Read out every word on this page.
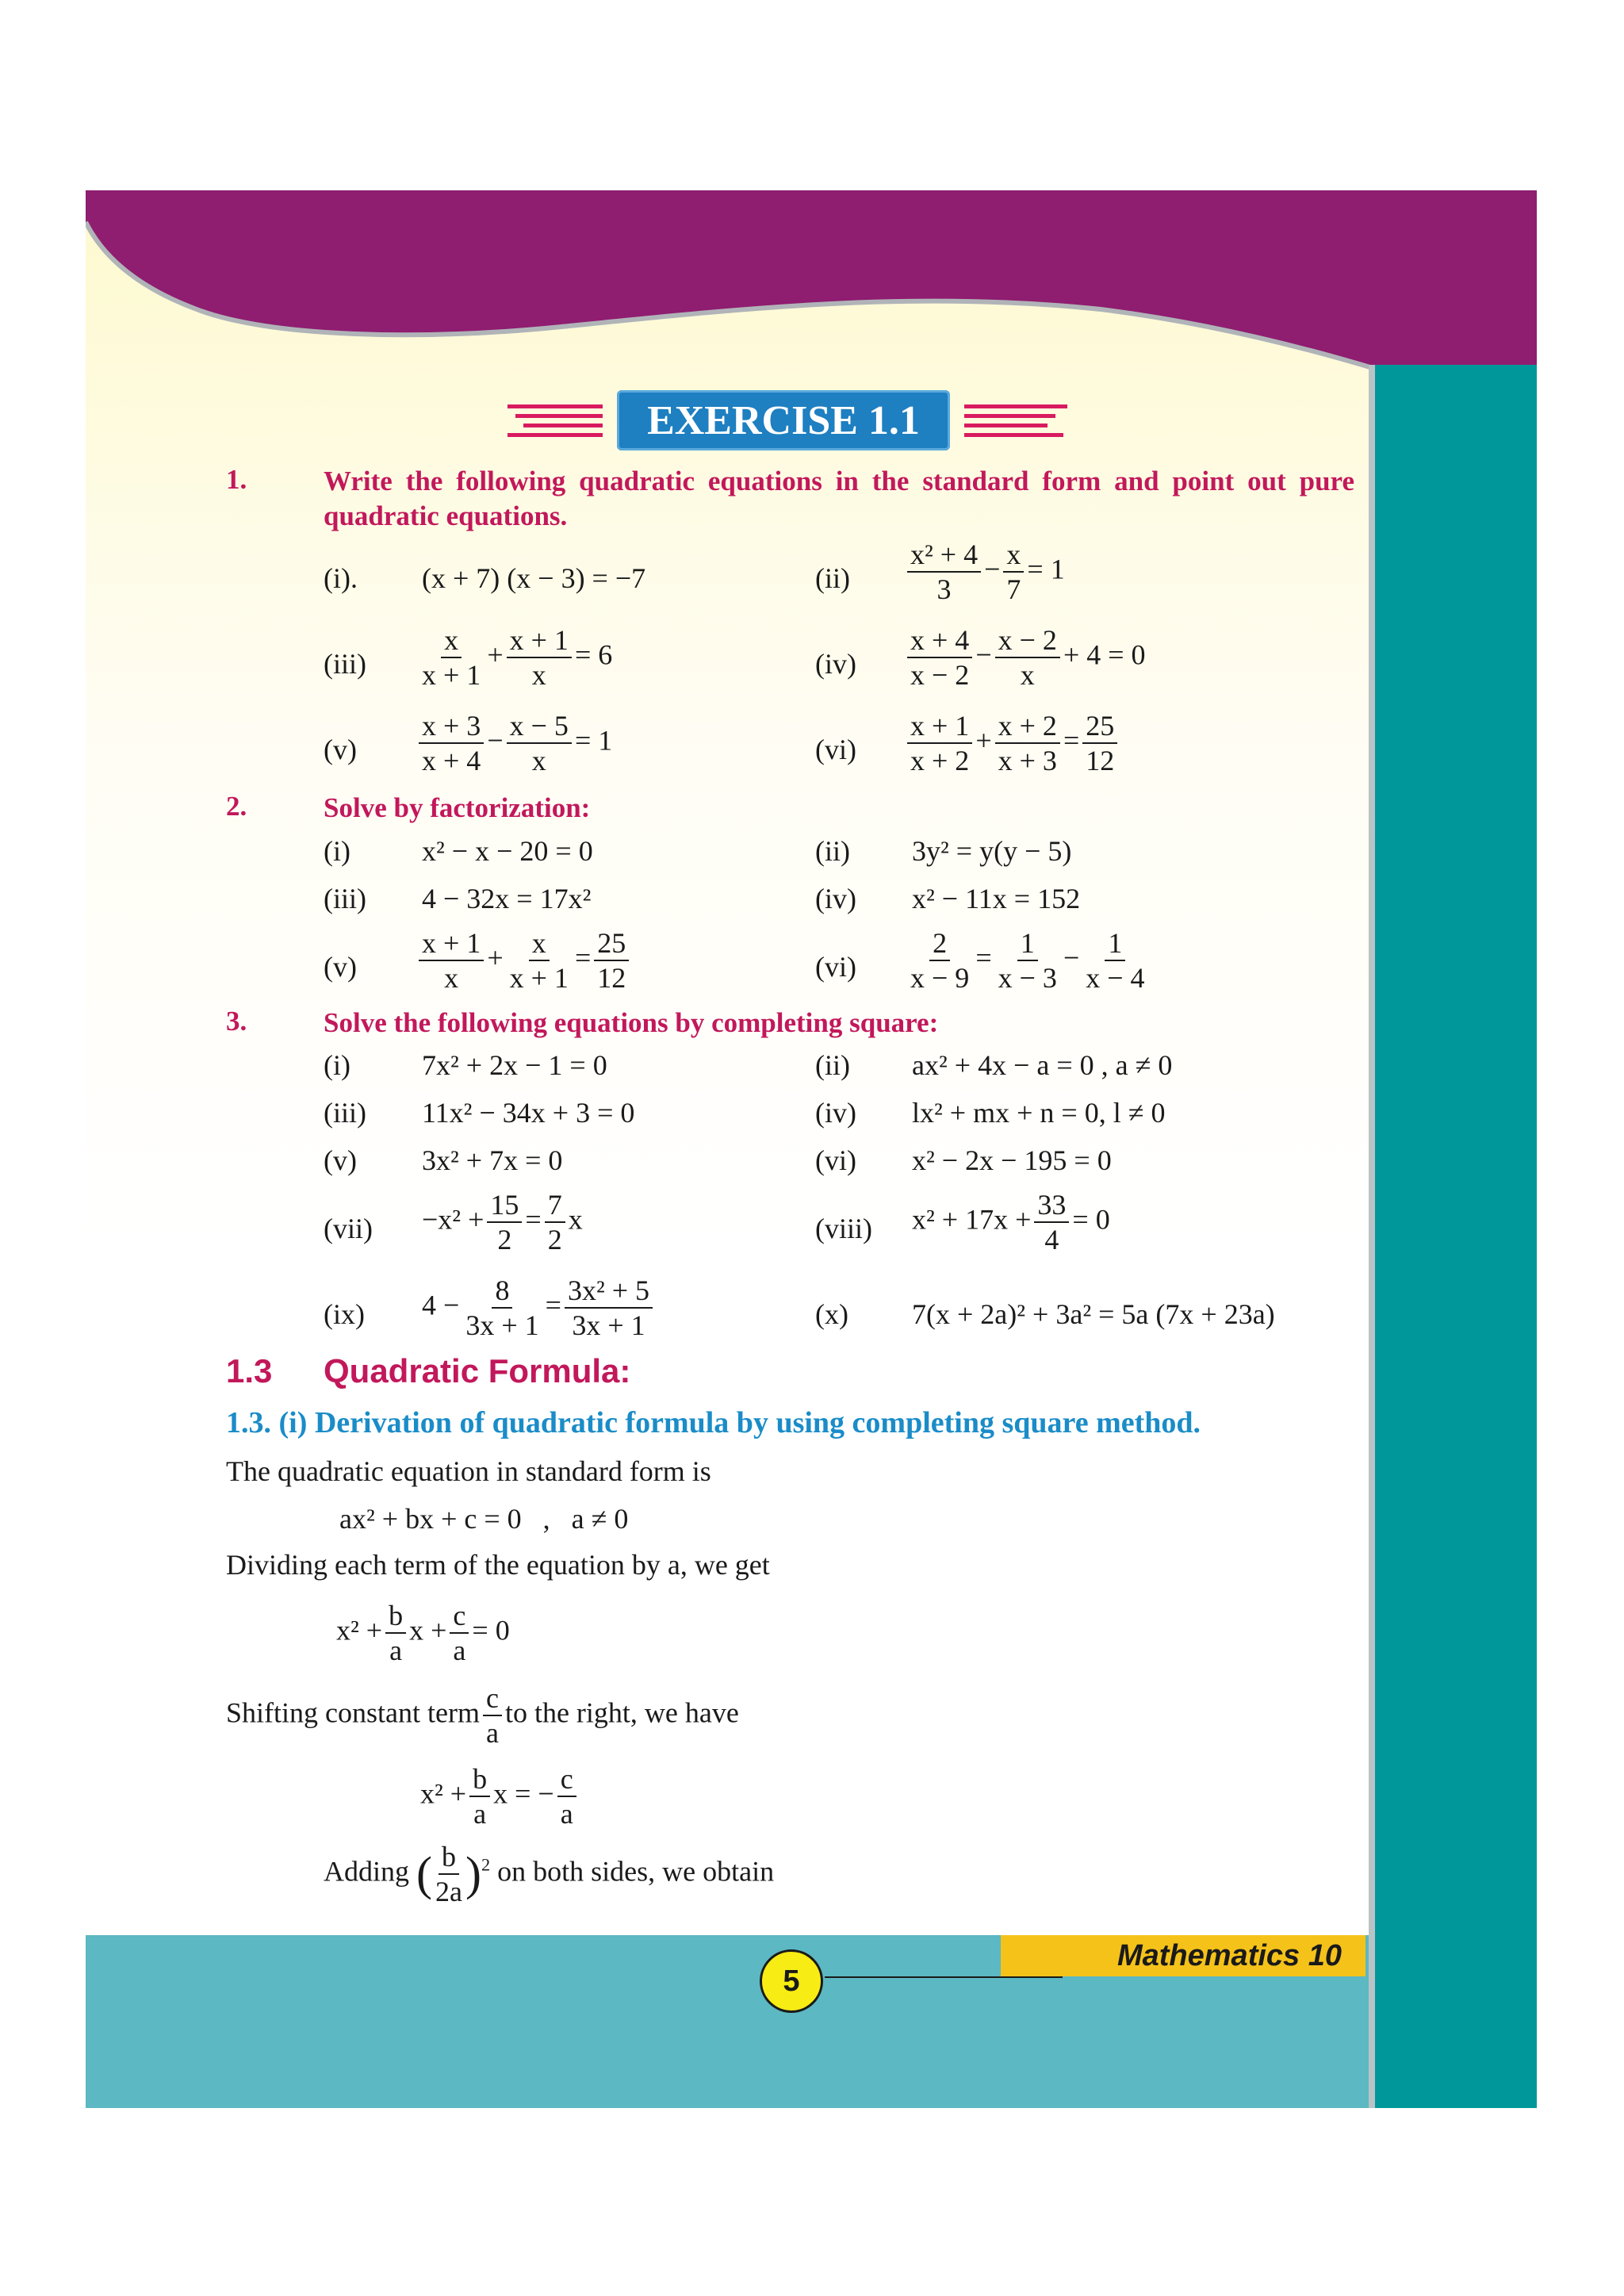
EXERCISE 1.1
1.	Write the following quadratic equations in the standard form and point out pure quadratic equations.
(i). (x + 7) (x − 3) = −7	$(ii) \frac{\text{x² + 4}}{3} - \frac{x}{7} = 1$
$(iii) \frac{x}{x + 1} + \frac{x + 1}{x} = 6$	$(iv) \frac{x + 4}{x - 2} - \frac{x - 2}{x} + 4 = 0$
$(v) \frac{x + 3}{x + 4} - \frac{x - 5}{x} = 1$	$(vi) \frac{x + 1}{x + 2} + \frac{x + 2}{x + 3} = \frac{25}{12}$
2.	Solve by factorization:
(i)	x² − x − 20 = 0	(ii) 3y² = y(y − 5)
(iii) 4 − 32x = 17x²	(iv) x² − 11x = 152
$(v) \frac{x + 1}{x} + \frac{x}{x + 1} = \frac{25}{12}$	$(vi) \frac{2}{x - 9} = \frac{1}{x - 3} - \frac{1}{x - 4}$
3.	Solve the following equations by completing square:
(i)	7x² + 2x − 1 = 0	(ii) ax² + 4x − a = 0 , a ≠ 0
(iii) 11x² − 34x + 3 = 0	(iv) lx² + mx + n = 0, l ≠ 0
(v) 3x² + 7x = 0	(vi) x² − 2x − 195 = 0
$(vii) -x^2 + \frac{15}{2} = \frac{7}{2}$ x	(viii) $x^2 + 17x + \frac{33}{4} = 0$
(ix) $4 - \frac{8}{3x + 1} = \frac{\text{3x² + 5}}{3x + 1}$	(x) 7(x + 2a)² + 3a² = 5a (7x + 23a)
1.3 Quadratic Formula:
1.3. (i) Derivation of quadratic formula by using completing square method.
The quadratic equation in standard form is
ax² + bx + c = 0   ,   a ≠ 0
Dividing each term of the equation by a, we get
$x^2 + \frac{b}{a}$ $x + \frac{c}{a} = 0$
Shifting constant term $\frac{c}{a}$ to the right, we have
$x^2 + \frac{b}{a}$ x = − $\frac{c}{a}$
Adding ( $\frac{b}{2a} )^2$ on both sides, we obtain
Mathematics 10
5
